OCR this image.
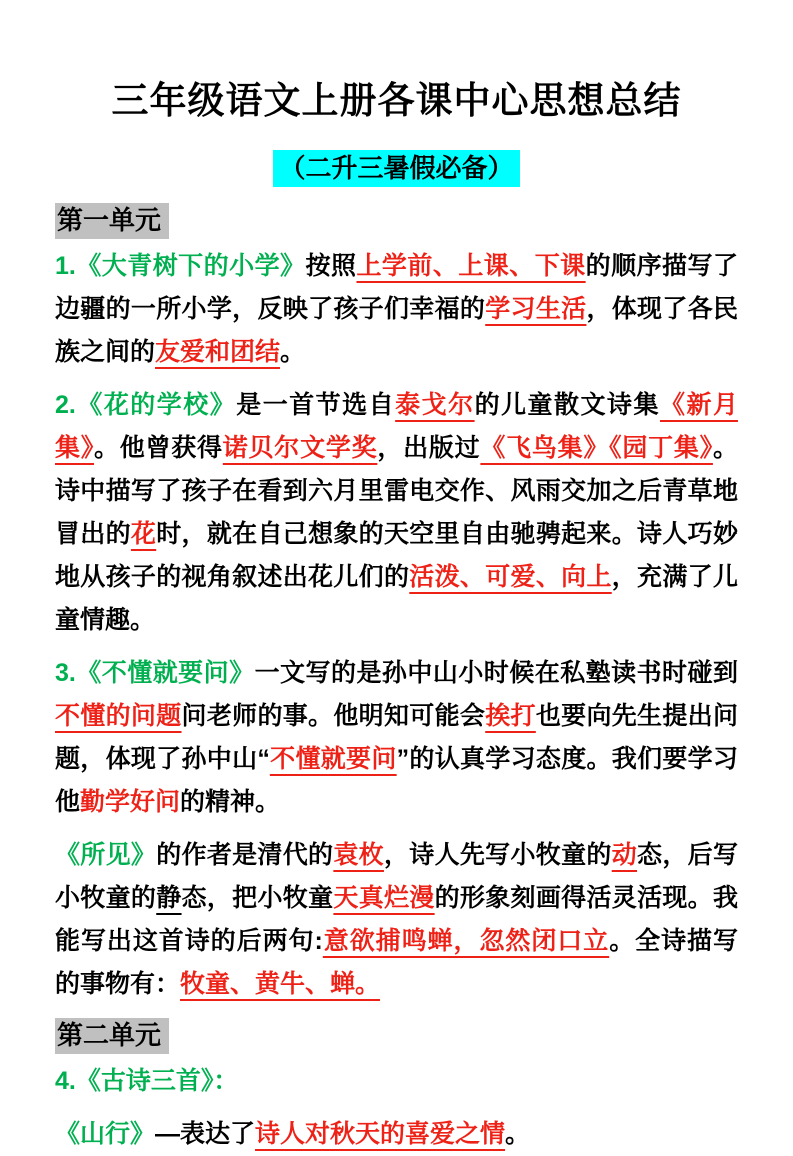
三年级语文上册各课中心思想总结
（二升三暑假必备）
第一单元

1.《大青树下的小学》按照上学前、上课、下课的顺序描写了边疆的一所小学，反映了孩子们幸福的学习生活，体现了各民族之间的友爱和团结。

2.《花的学校》是一首节选自泰戈尔的儿童散文诗集《新月集》。他曾获得诺贝尔文学奖，出版过《飞鸟集》《园丁集》。诗中描写了孩子在看到六月里雷电交作、风雨交加之后青草地冒出的花时，就在自己想象的天空里自由驰骋起来。诗人巧妙地从孩子的视角叙述出花儿们的活泼、可爱、向上，充满了儿童情趣。

3.《不懂就要问》一文写的是孙中山小时候在私塾读书时碰到不懂的问题问老师的事。他明知可能会挨打也要向先生提出问题，体现了孙中山“不懂就要问”的认真学习态度。我们要学习他勤学好问的精神。

《所见》的作者是清代的袁枚，诗人先写小牧童的动态，后写小牧童的静态，把小牧童天真烂漫的形象刻画得活灵活现。我能写出这首诗的后两句:意欲捕鸣蝉，忽然闭口立。全诗描写的事物有：牧童、黄牛、蝉。

第二单元

4.《古诗三首》：

《山行》—表达了诗人对秋天的喜爱之情。
